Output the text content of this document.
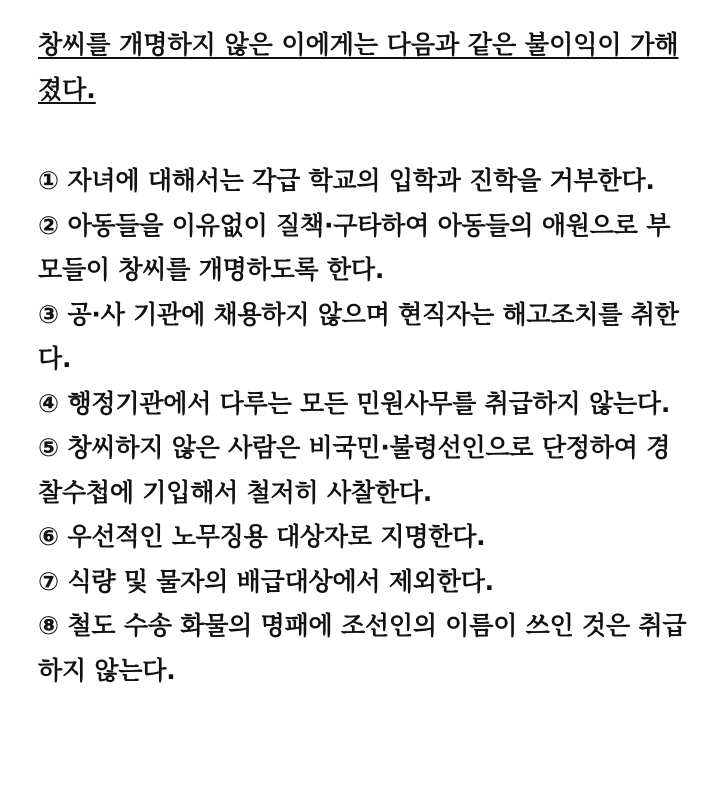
창씨를 개명하지 않은 이에게는 다음과 같은 불이익이 가해졌다.

① 자녀에 대해서는 각급 학교의 입학과 진학을 거부한다.

② 아동들을 이유없이 질책·구타하여 아동들의 애원으로 부모들이 창씨를 개명하도록 한다.

③ 공·사 기관에 채용하지 않으며 현직자는 해고조치를 취한다.

④ 행정기관에서 다루는 모든 민원사무를 취급하지 않는다.

⑤ 창씨하지 않은 사람은 비국민·불령선인으로 단정하여 경찰수첩에 기입해서 철저히 사찰한다.

⑥ 우선적인 노무징용 대상자로 지명한다.

⑦ 식량 및 물자의 배급대상에서 제외한다.

⑧ 철도 수송 화물의 명패에 조선인의 이름이 쓰인 것은 취급하지 않는다.
